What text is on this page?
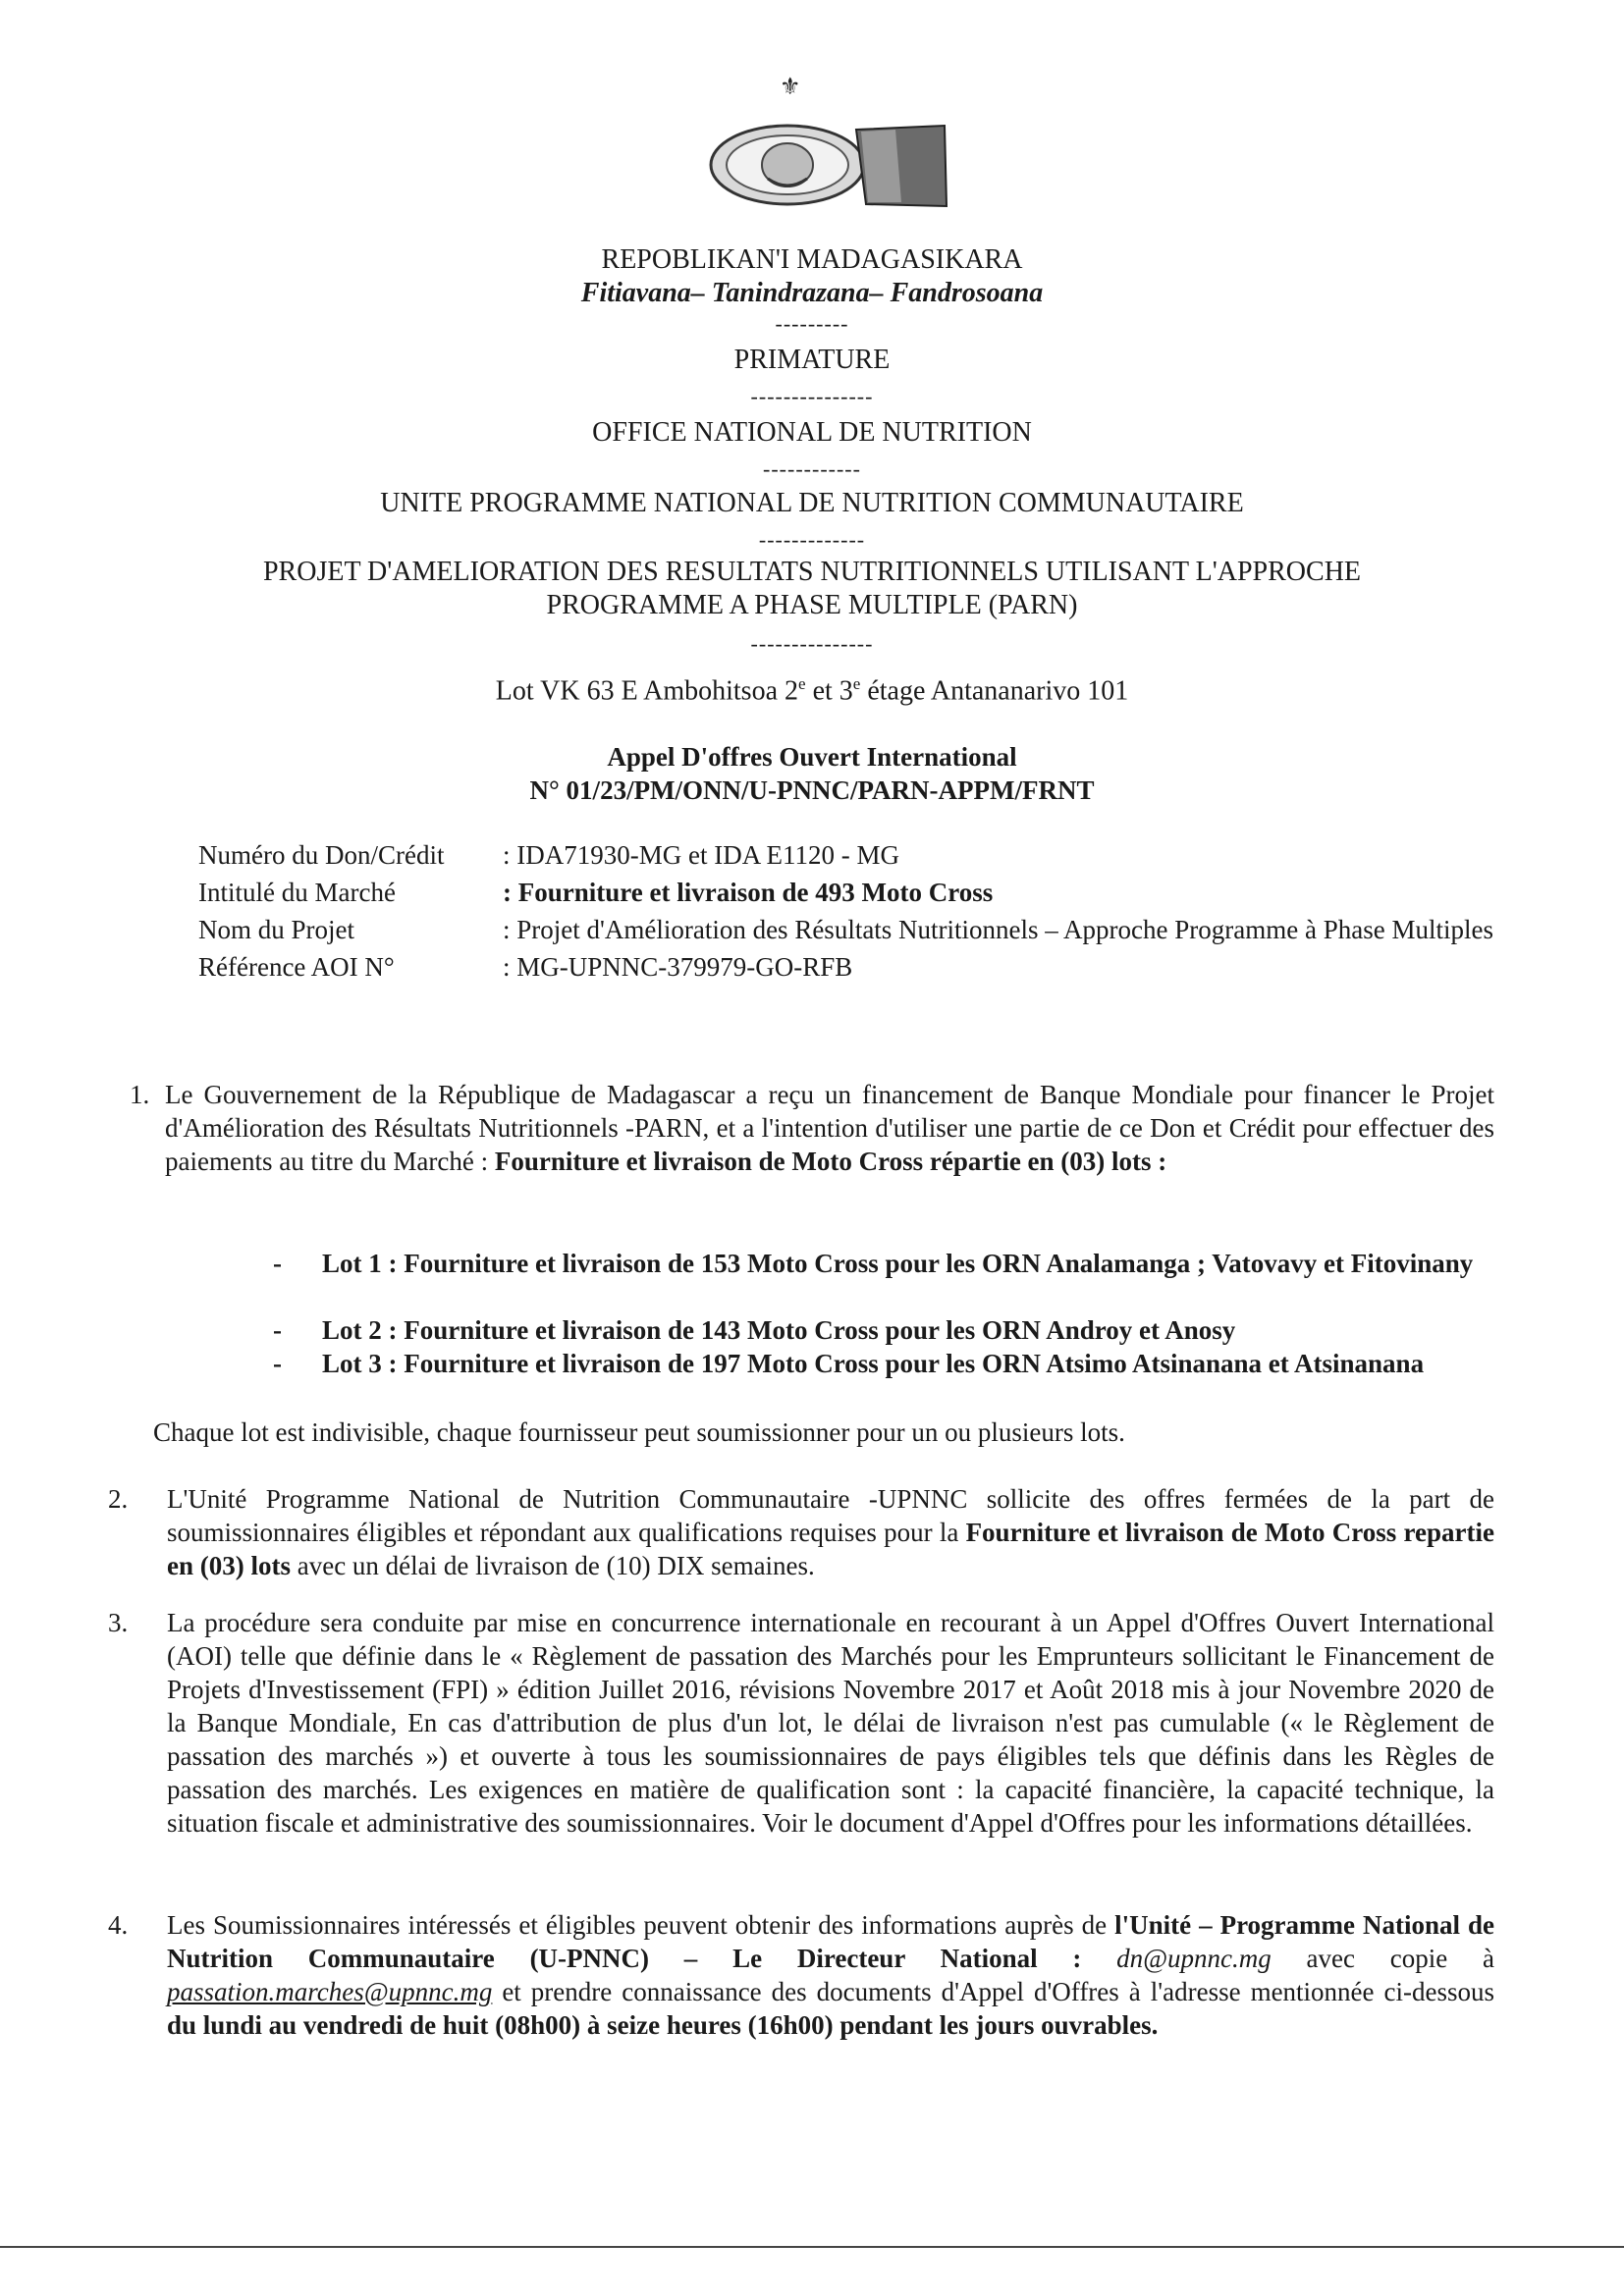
⚜
REPOBLIKAN'I MADAGASIKARA
Fitiavana– Tanindrazana– Fandrosoana
---------
PRIMATURE
---------------
OFFICE NATIONAL DE NUTRITION
------------
UNITE PROGRAMME NATIONAL DE NUTRITION COMMUNAUTAIRE
-------------
PROJET D'AMELIORATION DES RESULTATS NUTRITIONNELS UTILISANT L'APPROCHE
PROGRAMME A PHASE MULTIPLE (PARN)
---------------
Lot VK 63 E Ambohitsoa 2e et 3e étage Antananarivo 101
Appel D'offres Ouvert International
N° 01/23/PM/ONN/U-PNNC/PARN-APPM/FRNT
Numéro du Don/Crédit	: IDA71930-MG et IDA E1120 - MG
Intitulé du Marché	: Fourniture et livraison de 493 Moto Cross
Nom du Projet	: Projet d'Amélioration des Résultats Nutritionnels – Approche Programme à Phase Multiples
Référence AOI N°	: MG-UPNNC-379979-GO-RFB
1. Le Gouvernement de la République de Madagascar a reçu un financement de Banque Mondiale pour financer le Projet d'Amélioration des Résultats Nutritionnels -PARN, et a l'intention d'utiliser une partie de ce Don et Crédit pour effectuer des paiements au titre du Marché : Fourniture et livraison de Moto Cross répartie en (03) lots :
- Lot 1 : Fourniture et livraison de 153 Moto Cross pour les ORN Analamanga ; Vatovavy et Fitovinany
- Lot 2 : Fourniture et livraison de 143 Moto Cross pour les ORN Androy et Anosy
- Lot 3 : Fourniture et livraison de 197 Moto Cross pour les ORN Atsimo Atsinanana et Atsinanana
Chaque lot est indivisible, chaque fournisseur peut soumissionner pour un ou plusieurs lots.
2. L'Unité Programme National de Nutrition Communautaire -UPNNC sollicite des offres fermées de la part de soumissionnaires éligibles et répondant aux qualifications requises pour la Fourniture et livraison de Moto Cross repartie en (03) lots avec un délai de livraison de (10) DIX semaines.
3. La procédure sera conduite par mise en concurrence internationale en recourant à un Appel d'Offres Ouvert International (AOI) telle que définie dans le « Règlement de passation des Marchés pour les Emprunteurs sollicitant le Financement de Projets d'Investissement (FPI) » édition Juillet 2016, révisions Novembre 2017 et Août 2018 mis à jour Novembre 2020 de la Banque Mondiale, En cas d'attribution de plus d'un lot, le délai de livraison n'est pas cumulable (« le Règlement de passation des marchés ») et ouverte à tous les soumissionnaires de pays éligibles tels que définis dans les Règles de passation des marchés. Les exigences en matière de qualification sont : la capacité financière, la capacité technique, la situation fiscale et administrative des soumissionnaires. Voir le document d'Appel d'Offres pour les informations détaillées.
4. Les Soumissionnaires intéressés et éligibles peuvent obtenir des informations auprès de l'Unité – Programme National de Nutrition Communautaire (U-PNNC) – Le Directeur National : dn@upnnc.mg avec copie à passation.marches@upnnc.mg et prendre connaissance des documents d'Appel d'Offres à l'adresse mentionnée ci-dessous du lundi au vendredi de huit (08h00) à seize heures (16h00) pendant les jours ouvrables.
